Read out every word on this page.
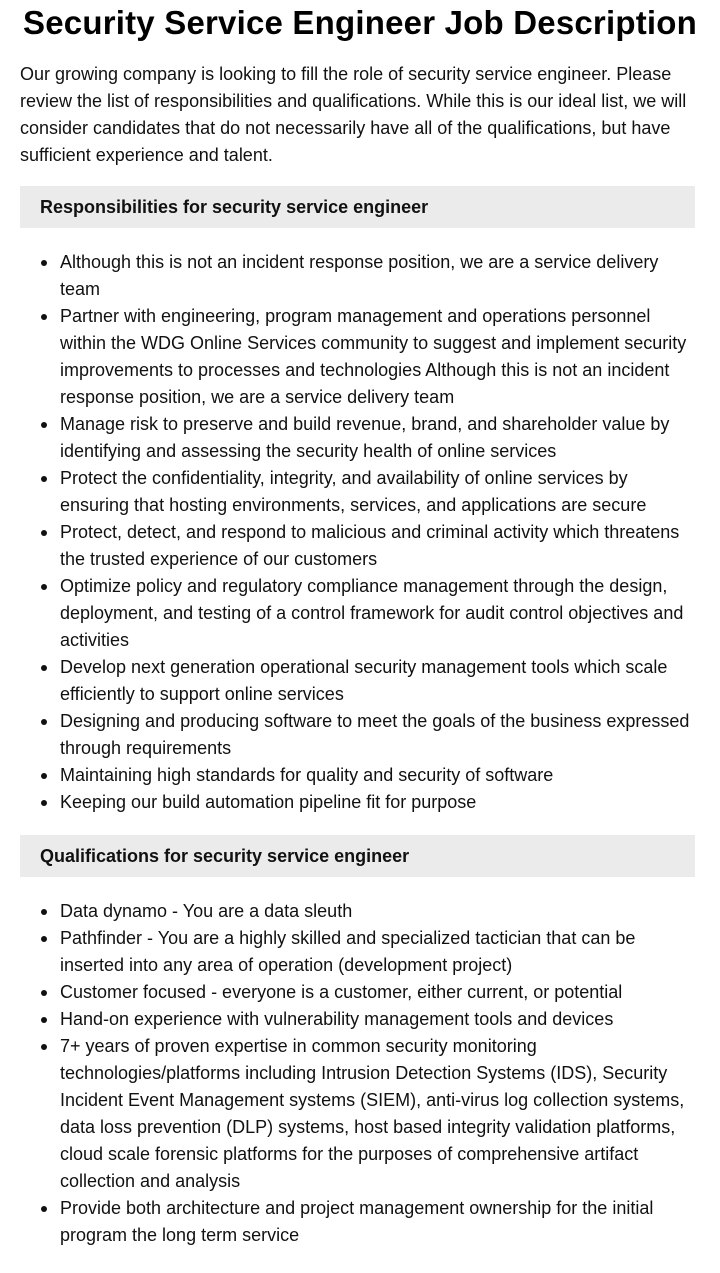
Security Service Engineer Job Description

Our growing company is looking to fill the role of security service engineer. Please review the list of responsibilities and qualifications. While this is our ideal list, we will consider candidates that do not necessarily have all of the qualifications, but have sufficient experience and talent.

Responsibilities for security service engineer
Although this is not an incident response position, we are a service delivery team
Partner with engineering, program management and operations personnel within the WDG Online Services community to suggest and implement security improvements to processes and technologies Although this is not an incident response position, we are a service delivery team
Manage risk to preserve and build revenue, brand, and shareholder value by identifying and assessing the security health of online services
Protect the confidentiality, integrity, and availability of online services by ensuring that hosting environments, services, and applications are secure
Protect, detect, and respond to malicious and criminal activity which threatens the trusted experience of our customers
Optimize policy and regulatory compliance management through the design, deployment, and testing of a control framework for audit control objectives and activities
Develop next generation operational security management tools which scale efficiently to support online services
Designing and producing software to meet the goals of the business expressed through requirements
Maintaining high standards for quality and security of software
Keeping our build automation pipeline fit for purpose
Qualifications for security service engineer
Data dynamo - You are a data sleuth
Pathfinder - You are a highly skilled and specialized tactician that can be inserted into any area of operation (development project)
Customer focused - everyone is a customer, either current, or potential
Hand-on experience with vulnerability management tools and devices
7+ years of proven expertise in common security monitoring technologies/platforms including Intrusion Detection Systems (IDS), Security Incident Event Management systems (SIEM), anti-virus log collection systems, data loss prevention (DLP) systems, host based integrity validation platforms, cloud scale forensic platforms for the purposes of comprehensive artifact collection and analysis
Provide both architecture and project management ownership for the initial program the long term service
